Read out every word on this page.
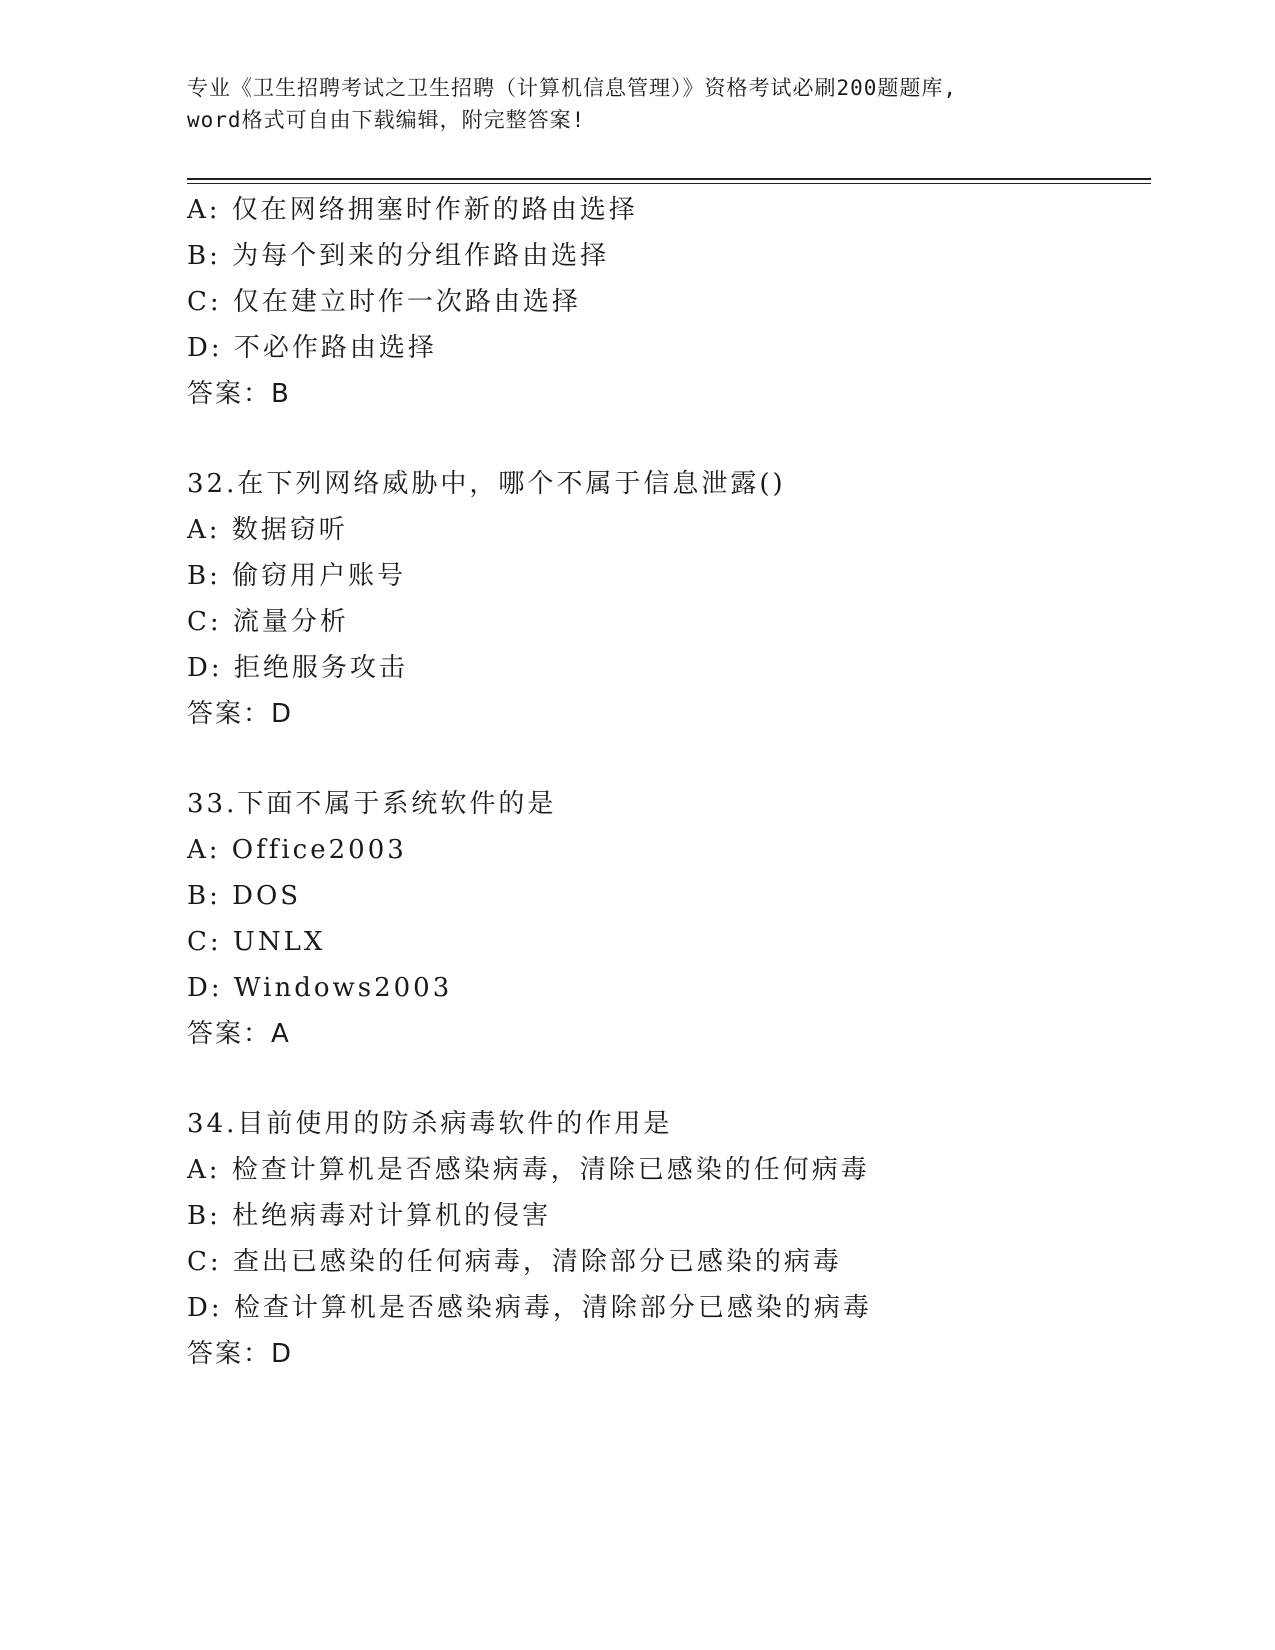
专业《卫生招聘考试之卫生招聘（计算机信息管理）》资格考试必刷200题题库,
word格式可自由下载编辑，附完整答案!
A: 仅在网络拥塞时作新的路由选择
B: 为每个到来的分组作路由选择
C: 仅在建立时作一次路由选择
D: 不必作路由选择
答案：B
32.在下列网络威胁中，哪个不属于信息泄露()
A: 数据窃听
B: 偷窃用户账号
C: 流量分析
D: 拒绝服务攻击
答案：D
33.下面不属于系统软件的是
A: Office2003
B: DOS
C: UNLX
D: Windows2003
答案：A
34.目前使用的防杀病毒软件的作用是
A: 检查计算机是否感染病毒，清除已感染的任何病毒
B: 杜绝病毒对计算机的侵害
C: 查出已感染的任何病毒，清除部分已感染的病毒
D: 检查计算机是否感染病毒，清除部分已感染的病毒
答案：D
